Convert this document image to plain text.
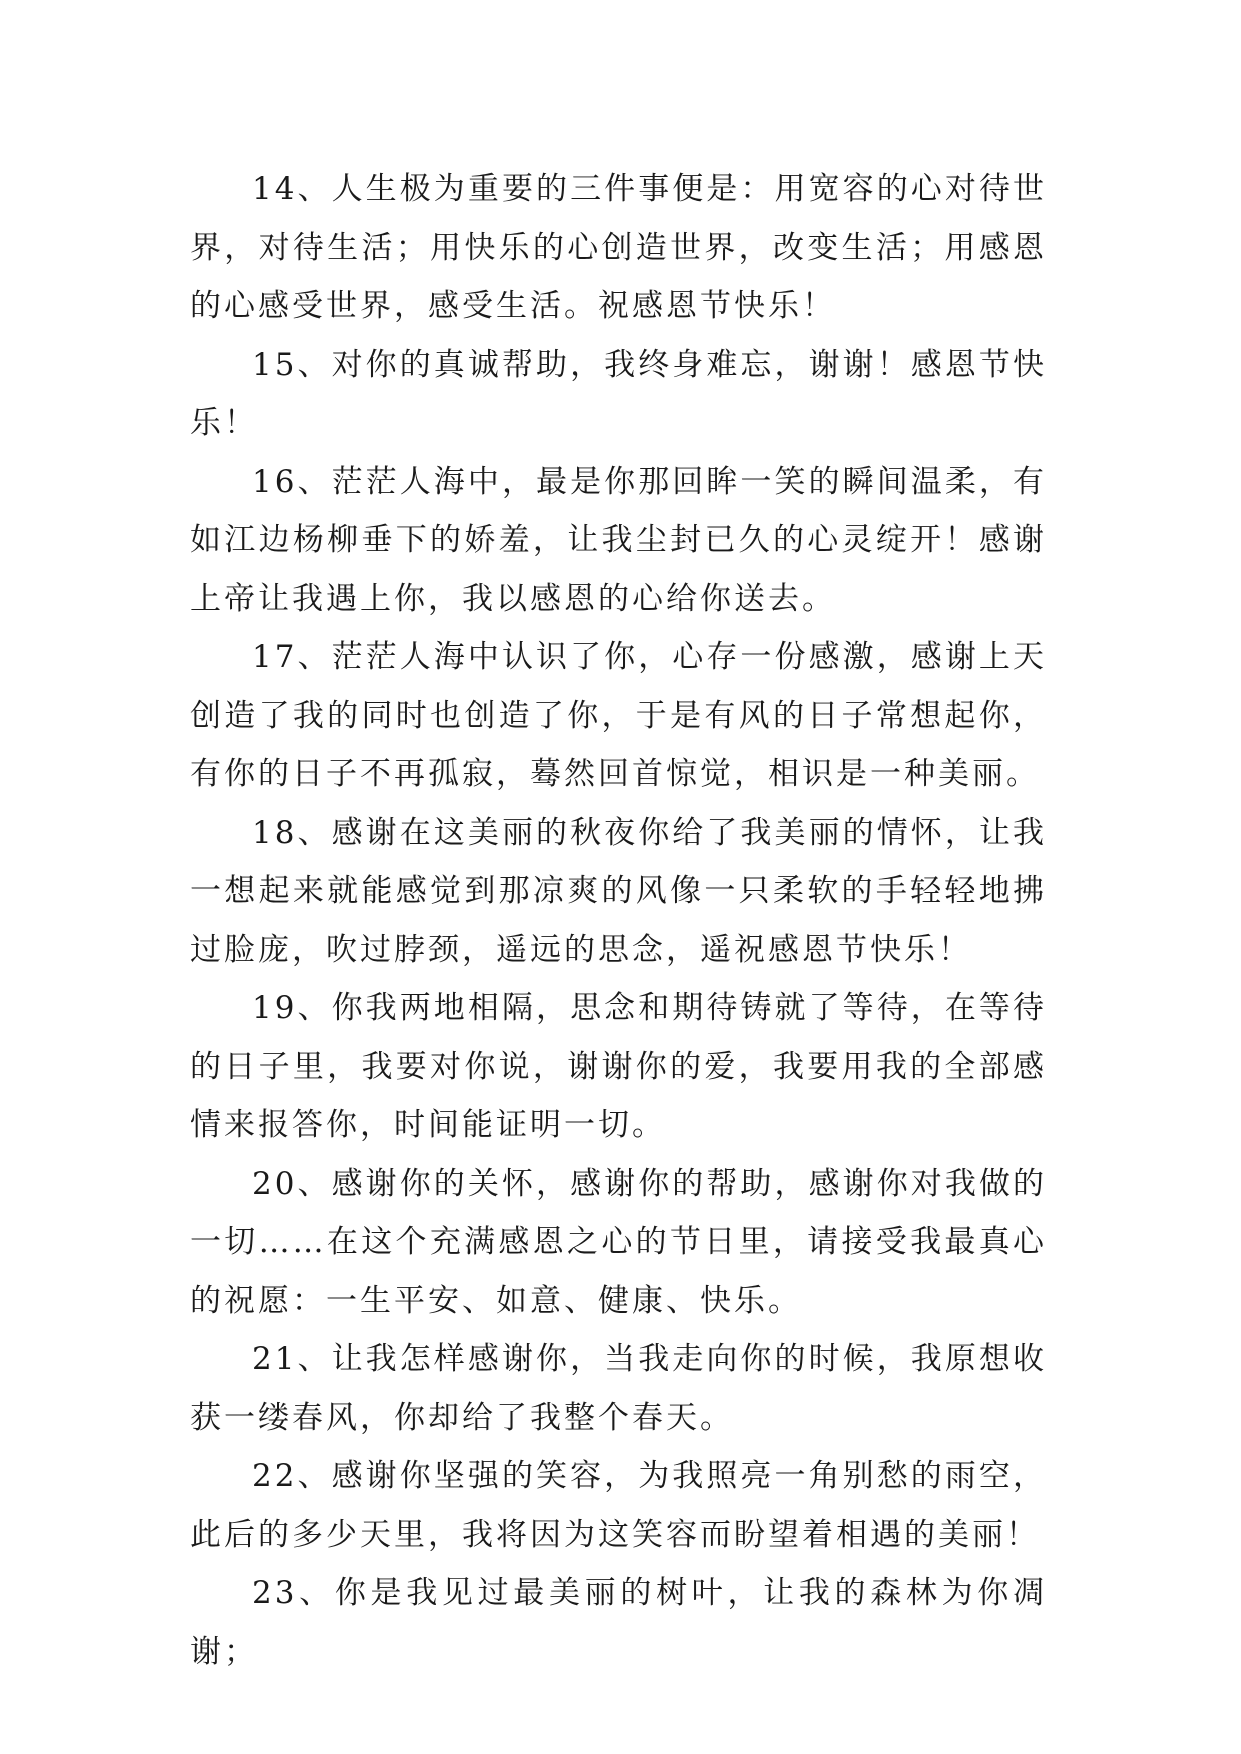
14、人生极为重要的三件事便是：用宽容的心对待世界，对待生活；用快乐的心创造世界，改变生活；用感恩的心感受世界，感受生活。祝感恩节快乐！

15、对你的真诚帮助，我终身难忘，谢谢！感恩节快乐！

16、茫茫人海中，最是你那回眸一笑的瞬间温柔，有如江边杨柳垂下的娇羞，让我尘封已久的心灵绽开！感谢上帝让我遇上你，我以感恩的心给你送去。

17、茫茫人海中认识了你，心存一份感激，感谢上天创造了我的同时也创造了你，于是有风的日子常想起你，有你的日子不再孤寂，蓦然回首惊觉，相识是一种美丽。

18、感谢在这美丽的秋夜你给了我美丽的情怀，让我一想起来就能感觉到那凉爽的风像一只柔软的手轻轻地拂过脸庞，吹过脖颈，遥远的思念，遥祝感恩节快乐！

19、你我两地相隔，思念和期待铸就了等待，在等待的日子里，我要对你说，谢谢你的爱，我要用我的全部感情来报答你，时间能证明一切。

20、感谢你的关怀，感谢你的帮助，感谢你对我做的一切……在这个充满感恩之心的节日里，请接受我最真心的祝愿：一生平安、如意、健康、快乐。

21、让我怎样感谢你，当我走向你的时候，我原想收获一缕春风，你却给了我整个春天。

22、感谢你坚强的笑容，为我照亮一角别愁的雨空，此后的多少天里，我将因为这笑容而盼望着相遇的美丽！

23、你是我见过最美丽的树叶，让我的森林为你凋谢；
